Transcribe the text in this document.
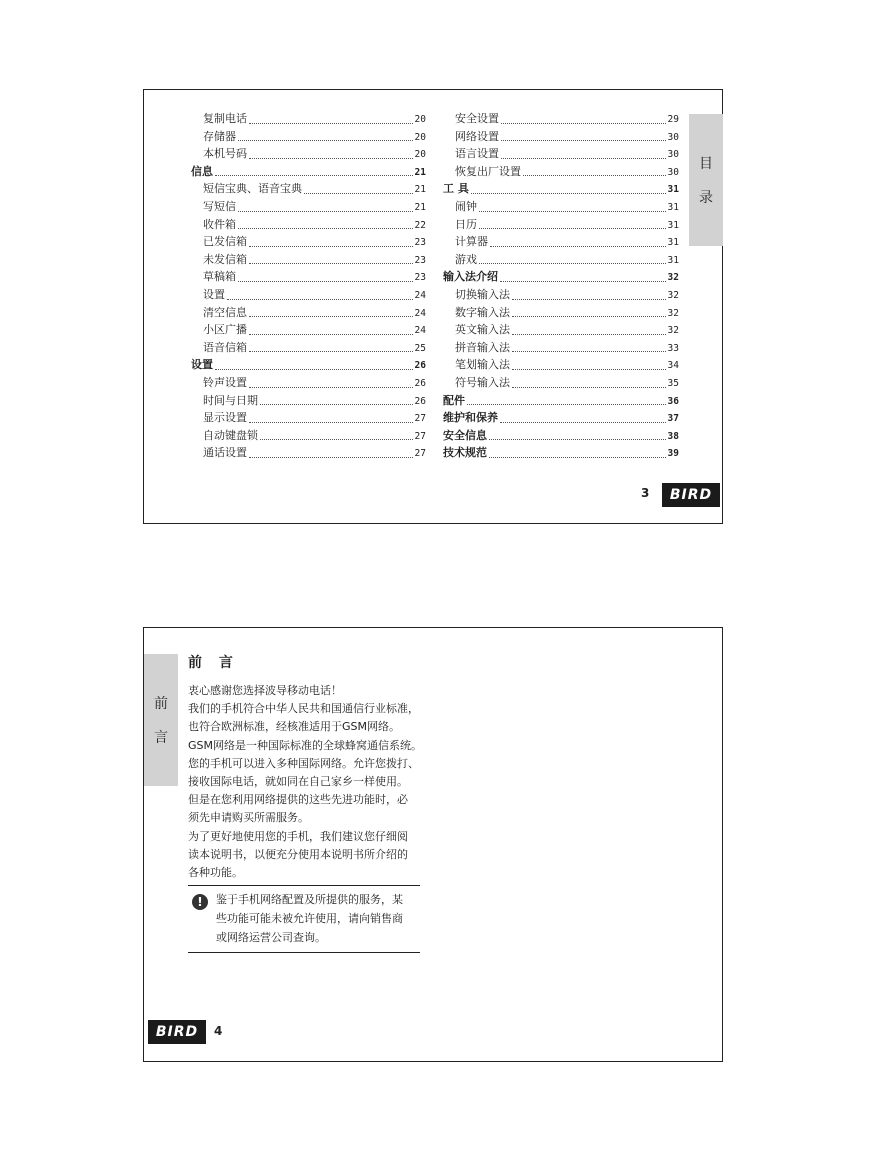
复制电话	20
存储器	20
本机号码	20
信息	21
短信宝典、语音宝典	21
写短信	21
收件箱	22
已发信箱	23
未发信箱	23
草稿箱	23
设置	24
清空信息	24
小区广播	24
语音信箱	25
设置	26
铃声设置	26
时间与日期	26
显示设置	27
自动键盘锁	27
通话设置	27
安全设置	29
网络设置	30
语言设置	30
恢复出厂设置	30
工 具	31
闹钟	31
日历	31
计算器	31
游戏	31
输入法介绍	32
切换输入法	32
数字输入法	32
英文输入法	32
拼音输入法	33
笔划输入法	34
符号输入法	35
配件	36
维护和保养	37
安全信息	38
技术规范	39
目
录
3	BIRD
前
言
前 言
衷心感谢您选择波导移动电话！
我们的手机符合中华人民共和国通信行业标准，
也符合欧洲标准，经核准适用于GSM网络。
GSM网络是一种国际标准的全球蜂窝通信系统。
您的手机可以进入多种国际网络。允许您拨打、
接收国际电话，就如同在自己家乡一样使用。
但是在您利用网络提供的这些先进功能时，必
须先申请购买所需服务。
为了更好地使用您的手机，我们建议您仔细阅
读本说明书，以便充分使用本说明书所介绍的
各种功能。
!	鉴于手机网络配置及所提供的服务，某
些功能可能未被允许使用，请向销售商
或网络运营公司查询。
BIRD	4
